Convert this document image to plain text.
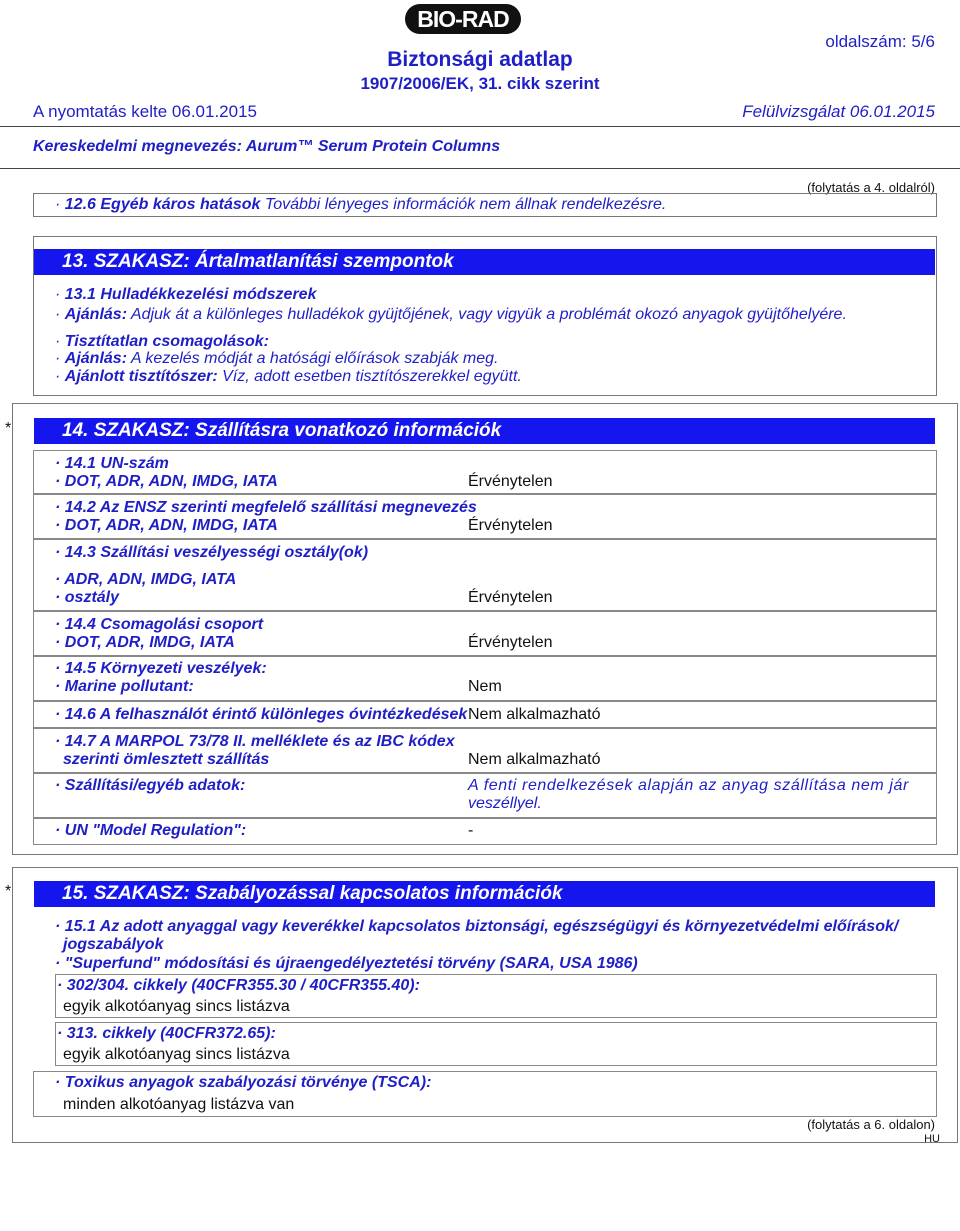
BIO-RAD
oldalszám: 5/6
Biztonsági adatlap
1907/2006/EK, 31. cikk szerint
A nyomtatás kelte 06.01.2015	Felülvizsgálat 06.01.2015
Kereskedelmi megnevezés: Aurum™ Serum Protein Columns
(folytatás a 4. oldalról)
· 12.6 Egyéb káros hatások További lényeges információk nem állnak rendelkezésre.
13. SZAKASZ: Ártalmatlanítási szempontok
· 13.1 Hulladékkezelési módszerek
· Ajánlás: Adjuk át a különleges hulladékok gyüjtőjének, vagy vigyük a problémát okozó anyagok gyüjtőhelyére.
· Tisztítatlan csomagolások:
· Ajánlás: A kezelés módját a hatósági előírások szabják meg.
· Ajánlott tisztítószer: Víz, adott esetben tisztítószerekkel együtt.
*	14. SZAKASZ: Szállításra vonatkozó információk
· 14.1 UN-szám
· DOT, ADR, ADN, IMDG, IATA	Érvénytelen
· 14.2 Az ENSZ szerinti megfelelő szállítási megnevezés
· DOT, ADR, ADN, IMDG, IATA	Érvénytelen
· 14.3 Szállítási veszélyességi osztály(ok)
· ADR, ADN, IMDG, IATA
· osztály	Érvénytelen
· 14.4 Csomagolási csoport
· DOT, ADR, IMDG, IATA	Érvénytelen
· 14.5 Környezeti veszélyek:
· Marine pollutant:	Nem
· 14.6 A felhasználót érintő különleges óvintézkedések Nem alkalmazható
· 14.7 A MARPOL 73/78 II. melléklete és az IBC kódex
szerinti ömlesztett szállítás	Nem alkalmazható
· Szállítási/egyéb adatok:	A fenti rendelkezések alapján az anyag szállítása nem jár
veszéllyel.
· UN "Model Regulation":	-
*	15. SZAKASZ: Szabályozással kapcsolatos információk
· 15.1 Az adott anyaggal vagy keverékkel kapcsolatos biztonsági, egészségügyi és környezetvédelmi előírások/
jogszabályok
· "Superfund" módosítási és újraengedélyeztetési törvény (SARA, USA 1986)
· 302/304. cikkely (40CFR355.30 / 40CFR355.40):
egyik alkotóanyag sincs listázva
· 313. cikkely (40CFR372.65):
egyik alkotóanyag sincs listázva
· Toxikus anyagok szabályozási törvénye (TSCA):
minden alkotóanyag listázva van
(folytatás a 6. oldalon)
HU
